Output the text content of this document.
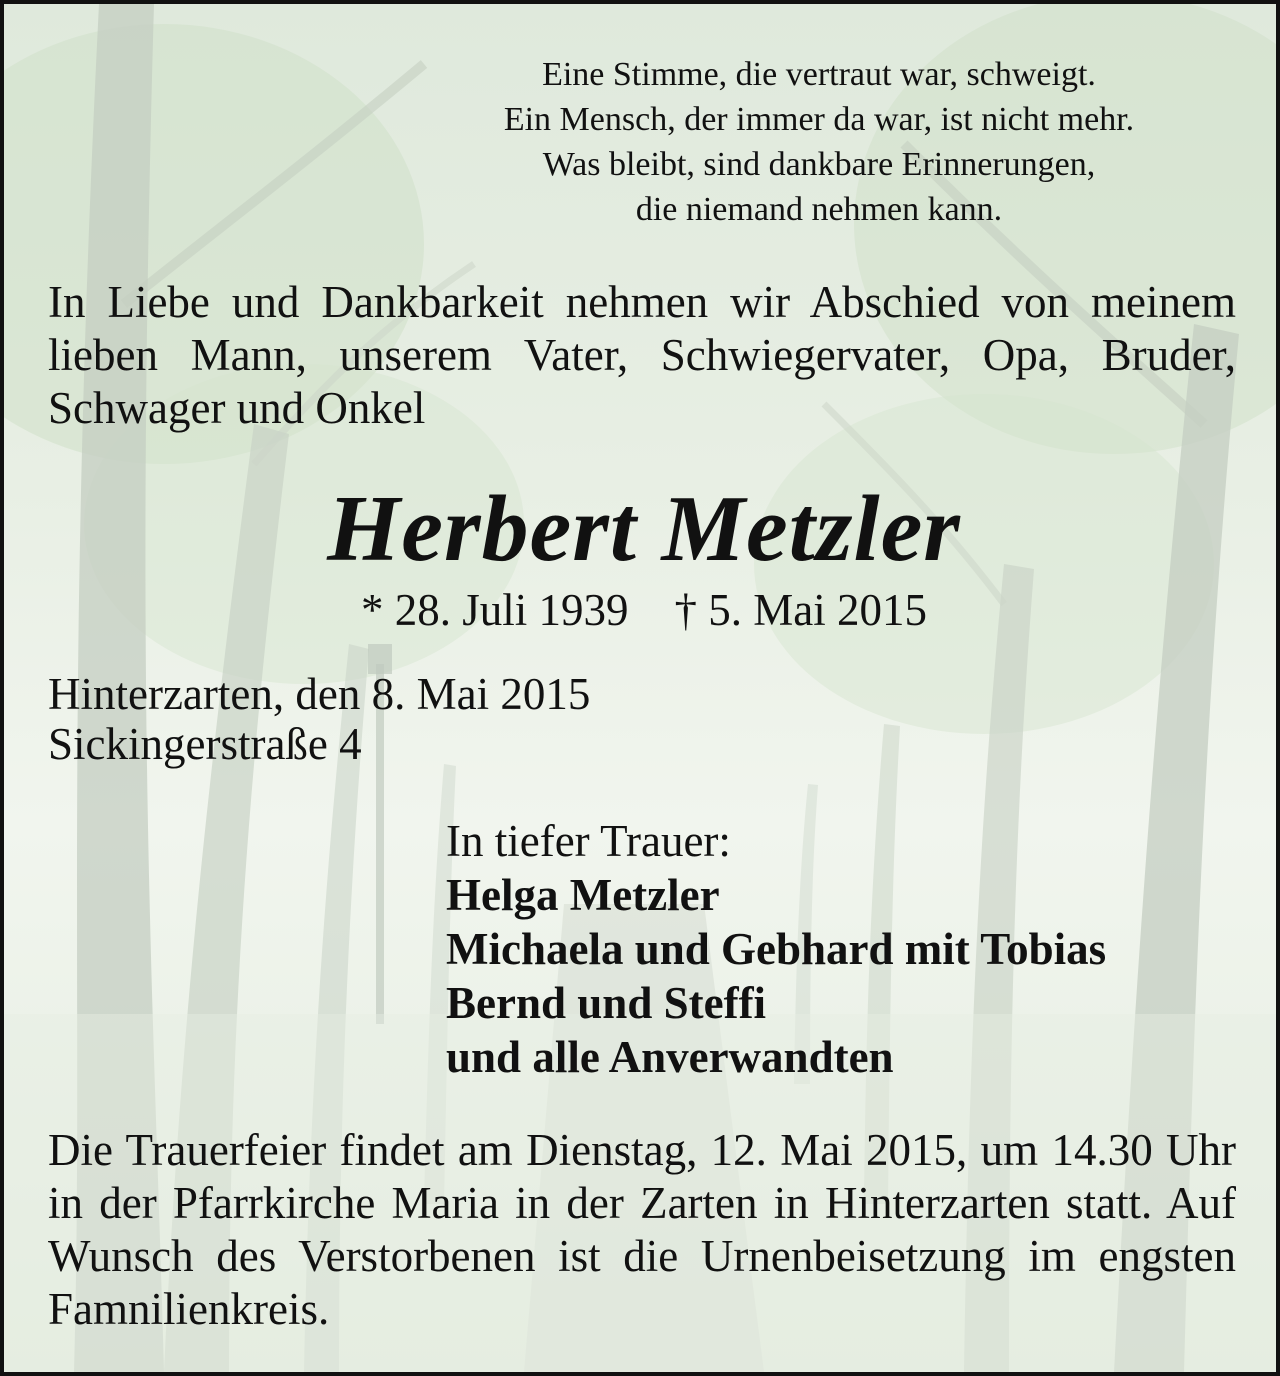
Eine Stimme, die vertraut war, schweigt.
Ein Mensch, der immer da war, ist nicht mehr.
Was bleibt, sind dankbare Erinnerungen,
die niemand nehmen kann.
In Liebe und Dankbarkeit nehmen wir Abschied von meinem lieben Mann, unserem Vater, Schwiegervater, Opa, Bruder, Schwager und Onkel
Herbert Metzler
* 28. Juli 1939 † 5. Mai 2015
Hinterzarten, den 8. Mai 2015
Sickingerstraße 4
In tiefer Trauer:
Helga Metzler
Michaela und Gebhard mit Tobias
Bernd und Steffi
und alle Anverwandten
Die Trauerfeier findet am Dienstag, 12. Mai 2015, um 14.30 Uhr in der Pfarrkirche Maria in der Zarten in Hinterzarten statt. Auf Wunsch des Verstorbenen ist die Urnenbeisetzung im engsten Famnilienkreis.
